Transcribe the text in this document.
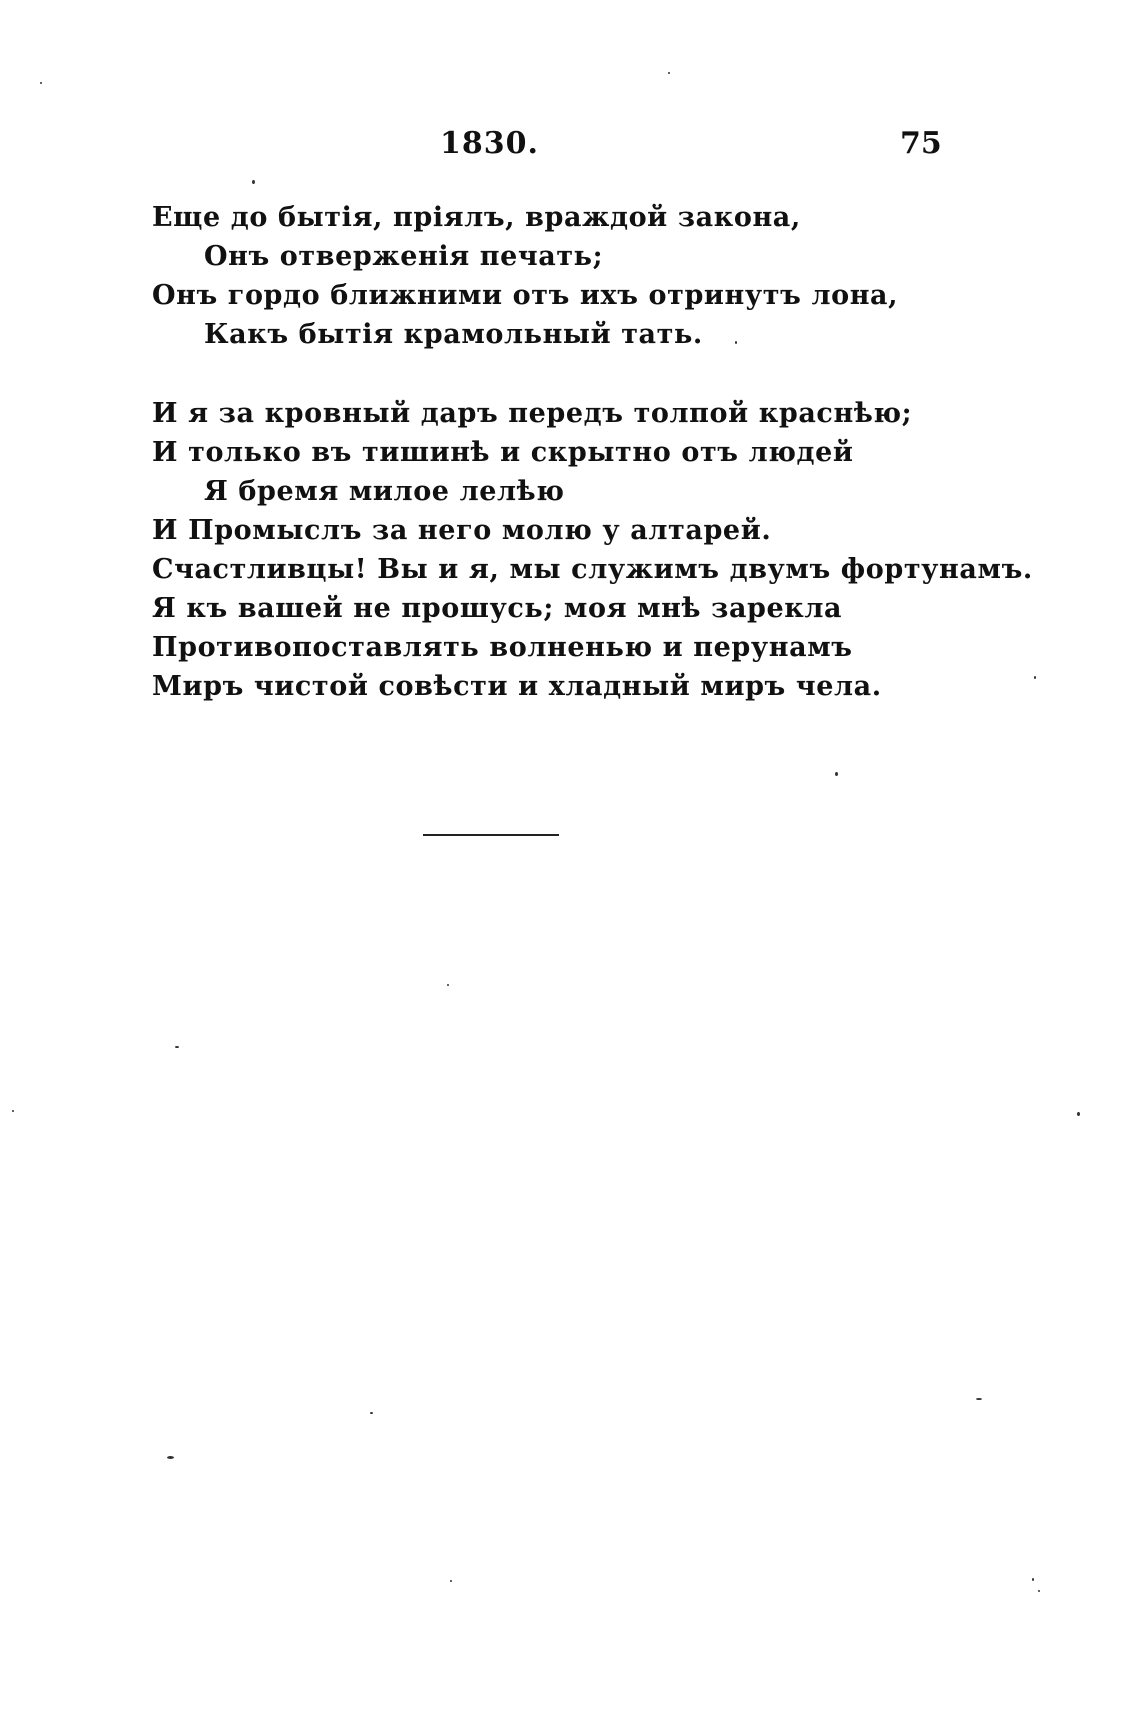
1830.	75
Еще до бытія, прiялъ, враждой закона,
Онъ отверженія печать;
Онъ гордо ближними отъ ихъ отринутъ лона,
Какъ бытія крамольный тать.
И я за кровный даръ передъ толпой краснѣю;
И только въ тишинѣ и скрытно отъ людей
Я бремя милое лелѣю
И Промыслъ за него молю у алтарей.
Счастливцы! Вы и я, мы служимъ двумъ фортунамъ.
Я къ вашей не прошусь; моя мнѣ зарекла
Противопоставлять волненью и перунамъ
Миръ чистой совѣсти и хладный миръ чела.
